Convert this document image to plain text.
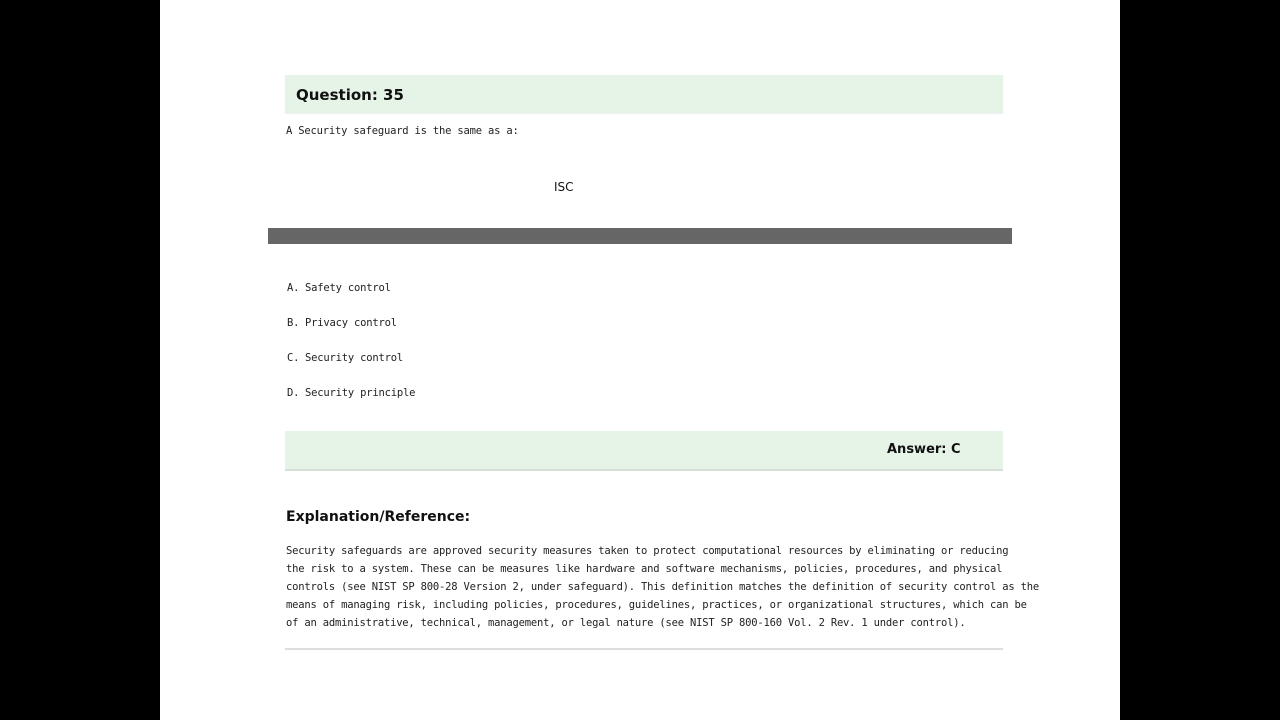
Question: 35
A Security safeguard is the same as a:
ISC
A. Safety control
B. Privacy control
C. Security control
D. Security principle
Answer: C
Explanation/Reference:
Security safeguards are approved security measures taken to protect computational resources by eliminating or reducing
the risk to a system. These can be measures like hardware and software mechanisms, policies, procedures, and physical
controls (see NIST SP 800-28 Version 2, under safeguard). This definition matches the definition of security control as the
means of managing risk, including policies, procedures, guidelines, practices, or organizational structures, which can be
of an administrative, technical, management, or legal nature (see NIST SP 800-160 Vol. 2 Rev. 1 under control).
